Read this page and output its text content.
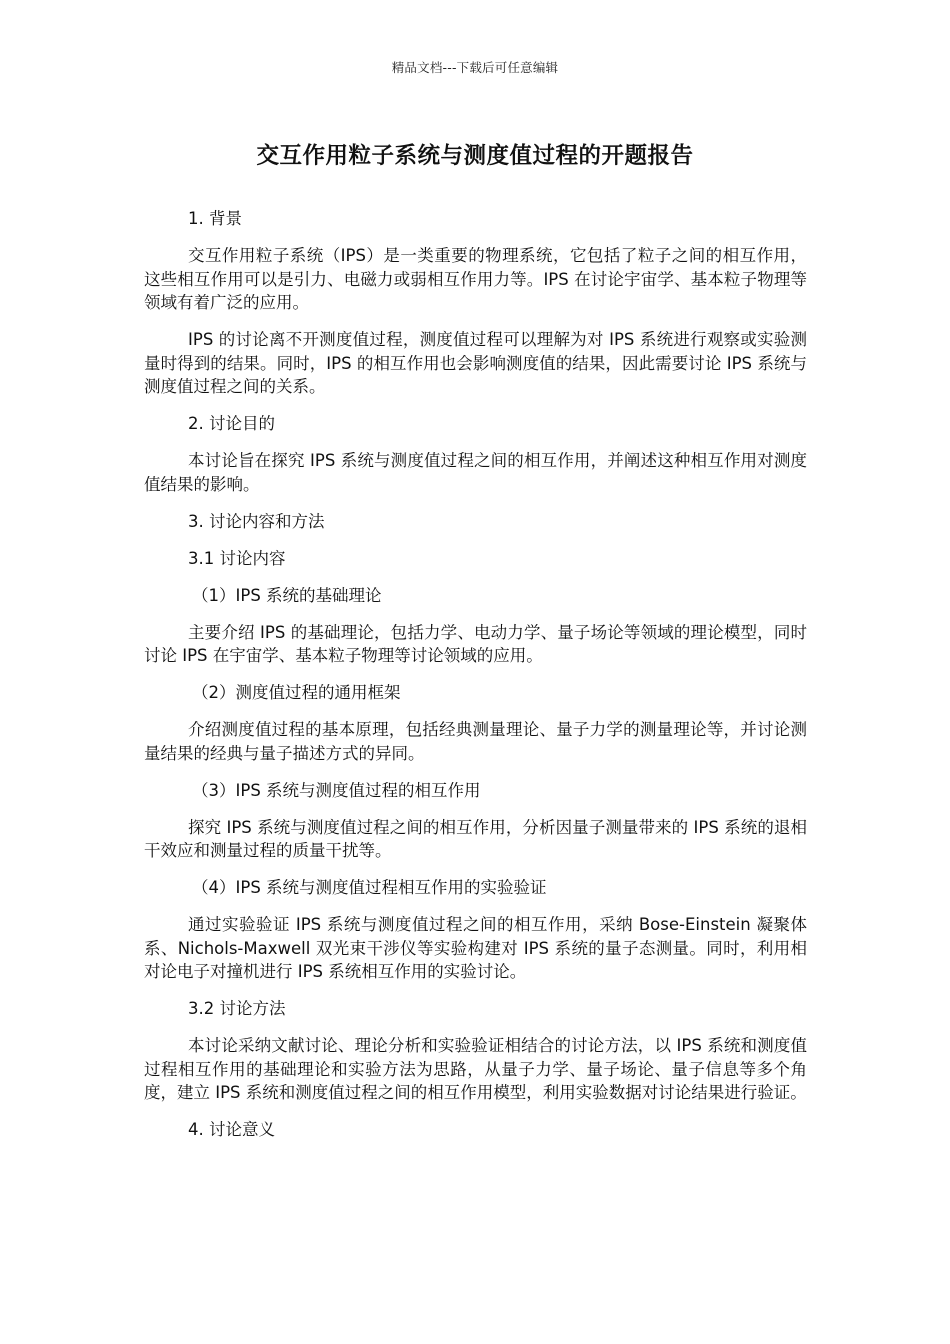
精品文档---下载后可任意编辑
交互作用粒子系统与测度值过程的开题报告
1. 背景
交互作用粒子系统（IPS）是一类重要的物理系统，它包括了粒子之间的相互作用，这些相互作用可以是引力、电磁力或弱相互作用力等。IPS 在讨论宇宙学、基本粒子物理等领域有着广泛的应用。
IPS 的讨论离不开测度值过程，测度值过程可以理解为对 IPS 系统进行观察或实验测量时得到的结果。同时，IPS 的相互作用也会影响测度值的结果，因此需要讨论 IPS 系统与测度值过程之间的关系。
2. 讨论目的
本讨论旨在探究 IPS 系统与测度值过程之间的相互作用，并阐述这种相互作用对测度值结果的影响。
3. 讨论内容和方法
3.1 讨论内容
（1）IPS 系统的基础理论
主要介绍 IPS 的基础理论，包括力学、电动力学、量子场论等领域的理论模型，同时讨论 IPS 在宇宙学、基本粒子物理等讨论领域的应用。
（2）测度值过程的通用框架
介绍测度值过程的基本原理，包括经典测量理论、量子力学的测量理论等，并讨论测量结果的经典与量子描述方式的异同。
（3）IPS 系统与测度值过程的相互作用
探究 IPS 系统与测度值过程之间的相互作用，分析因量子测量带来的 IPS 系统的退相干效应和测量过程的质量干扰等。
（4）IPS 系统与测度值过程相互作用的实验验证
通过实验验证 IPS 系统与测度值过程之间的相互作用，采纳 Bose-Einstein 凝聚体系、Nichols-Maxwell 双光束干涉仪等实验构建对 IPS 系统的量子态测量。同时，利用相对论电子对撞机进行 IPS 系统相互作用的实验讨论。
3.2 讨论方法
本讨论采纳文献讨论、理论分析和实验验证相结合的讨论方法，以 IPS 系统和测度值过程相互作用的基础理论和实验方法为思路，从量子力学、量子场论、量子信息等多个角度，建立 IPS 系统和测度值过程之间的相互作用模型，利用实验数据对讨论结果进行验证。
4. 讨论意义
